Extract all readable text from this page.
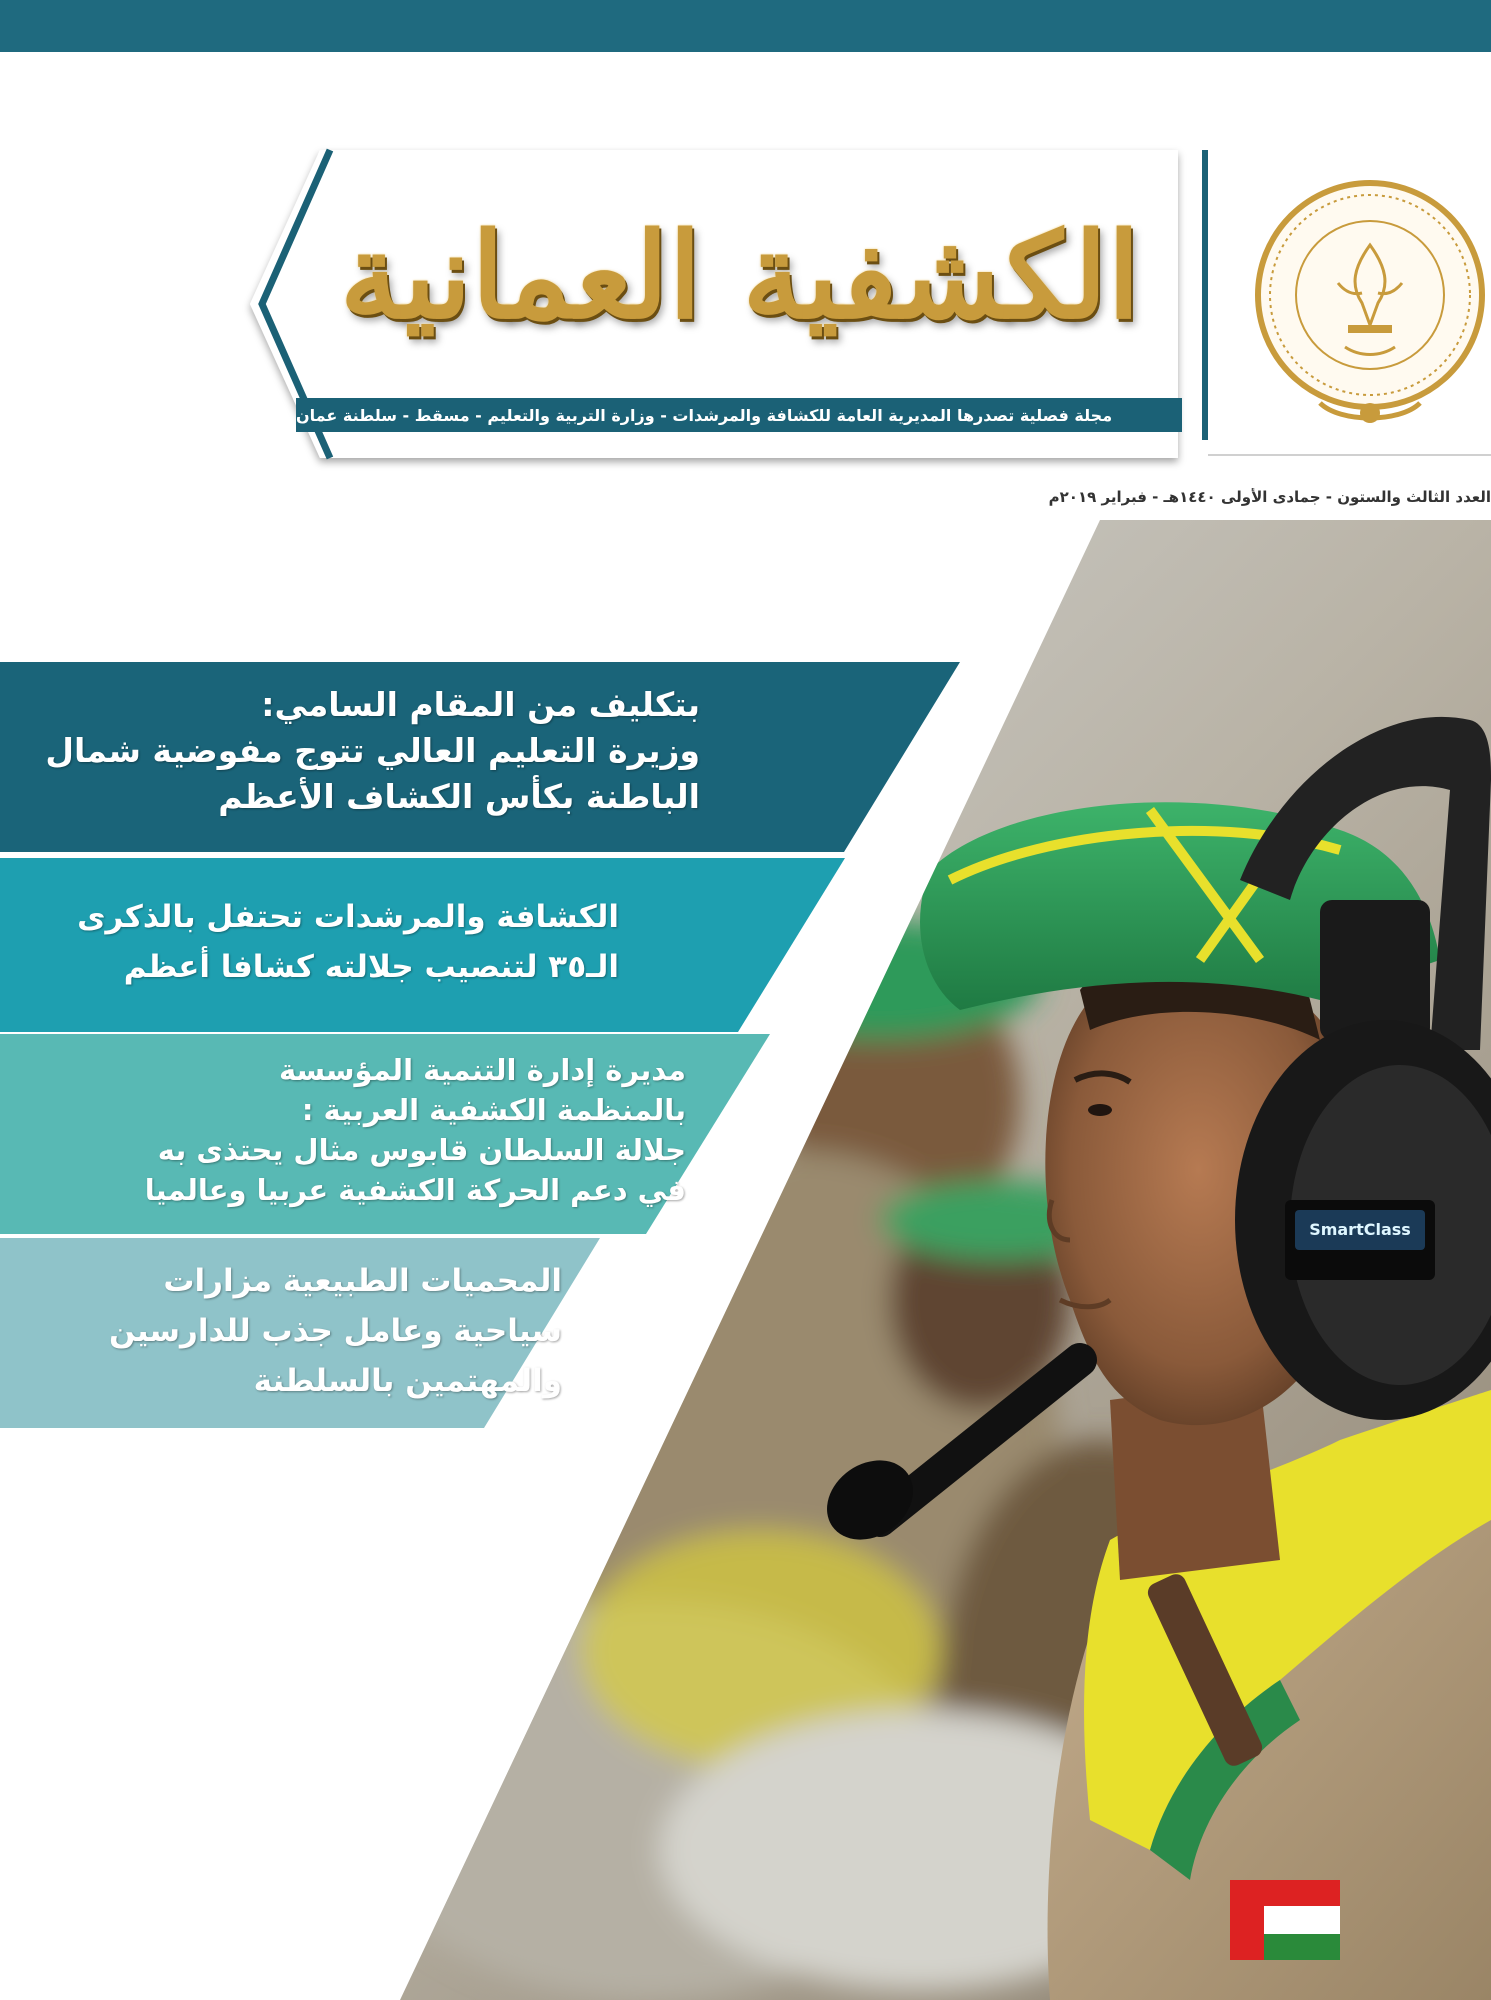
الكشفية العمانية
مجلة فصلية تصدرها المديرية العامة للكشافة والمرشدات - وزارة التربية والتعليم - مسقط - سلطنة عمان
العدد الثالث والستون - جمادى الأولى ١٤٤٠هـ - فبراير ٢٠١٩م
بتكليف من المقام السامي:
وزيرة التعليم العالي تتوج مفوضية شمال
الباطنة بكأس الكشاف الأعظم
الكشافة والمرشدات تحتفل بالذكرى
الـ٣٥ لتنصيب جلالته كشافا أعظم
مديرة إدارة التنمية المؤسسة
بالمنظمة الكشفية العربية :
جلالة السلطان قابوس مثال يحتذى به
في دعم الحركة الكشفية عربيا وعالميا
المحميات الطبيعية مزارات
سياحية وعامل جذب للدارسين
والمهتمين بالسلطنة
SmartClass
